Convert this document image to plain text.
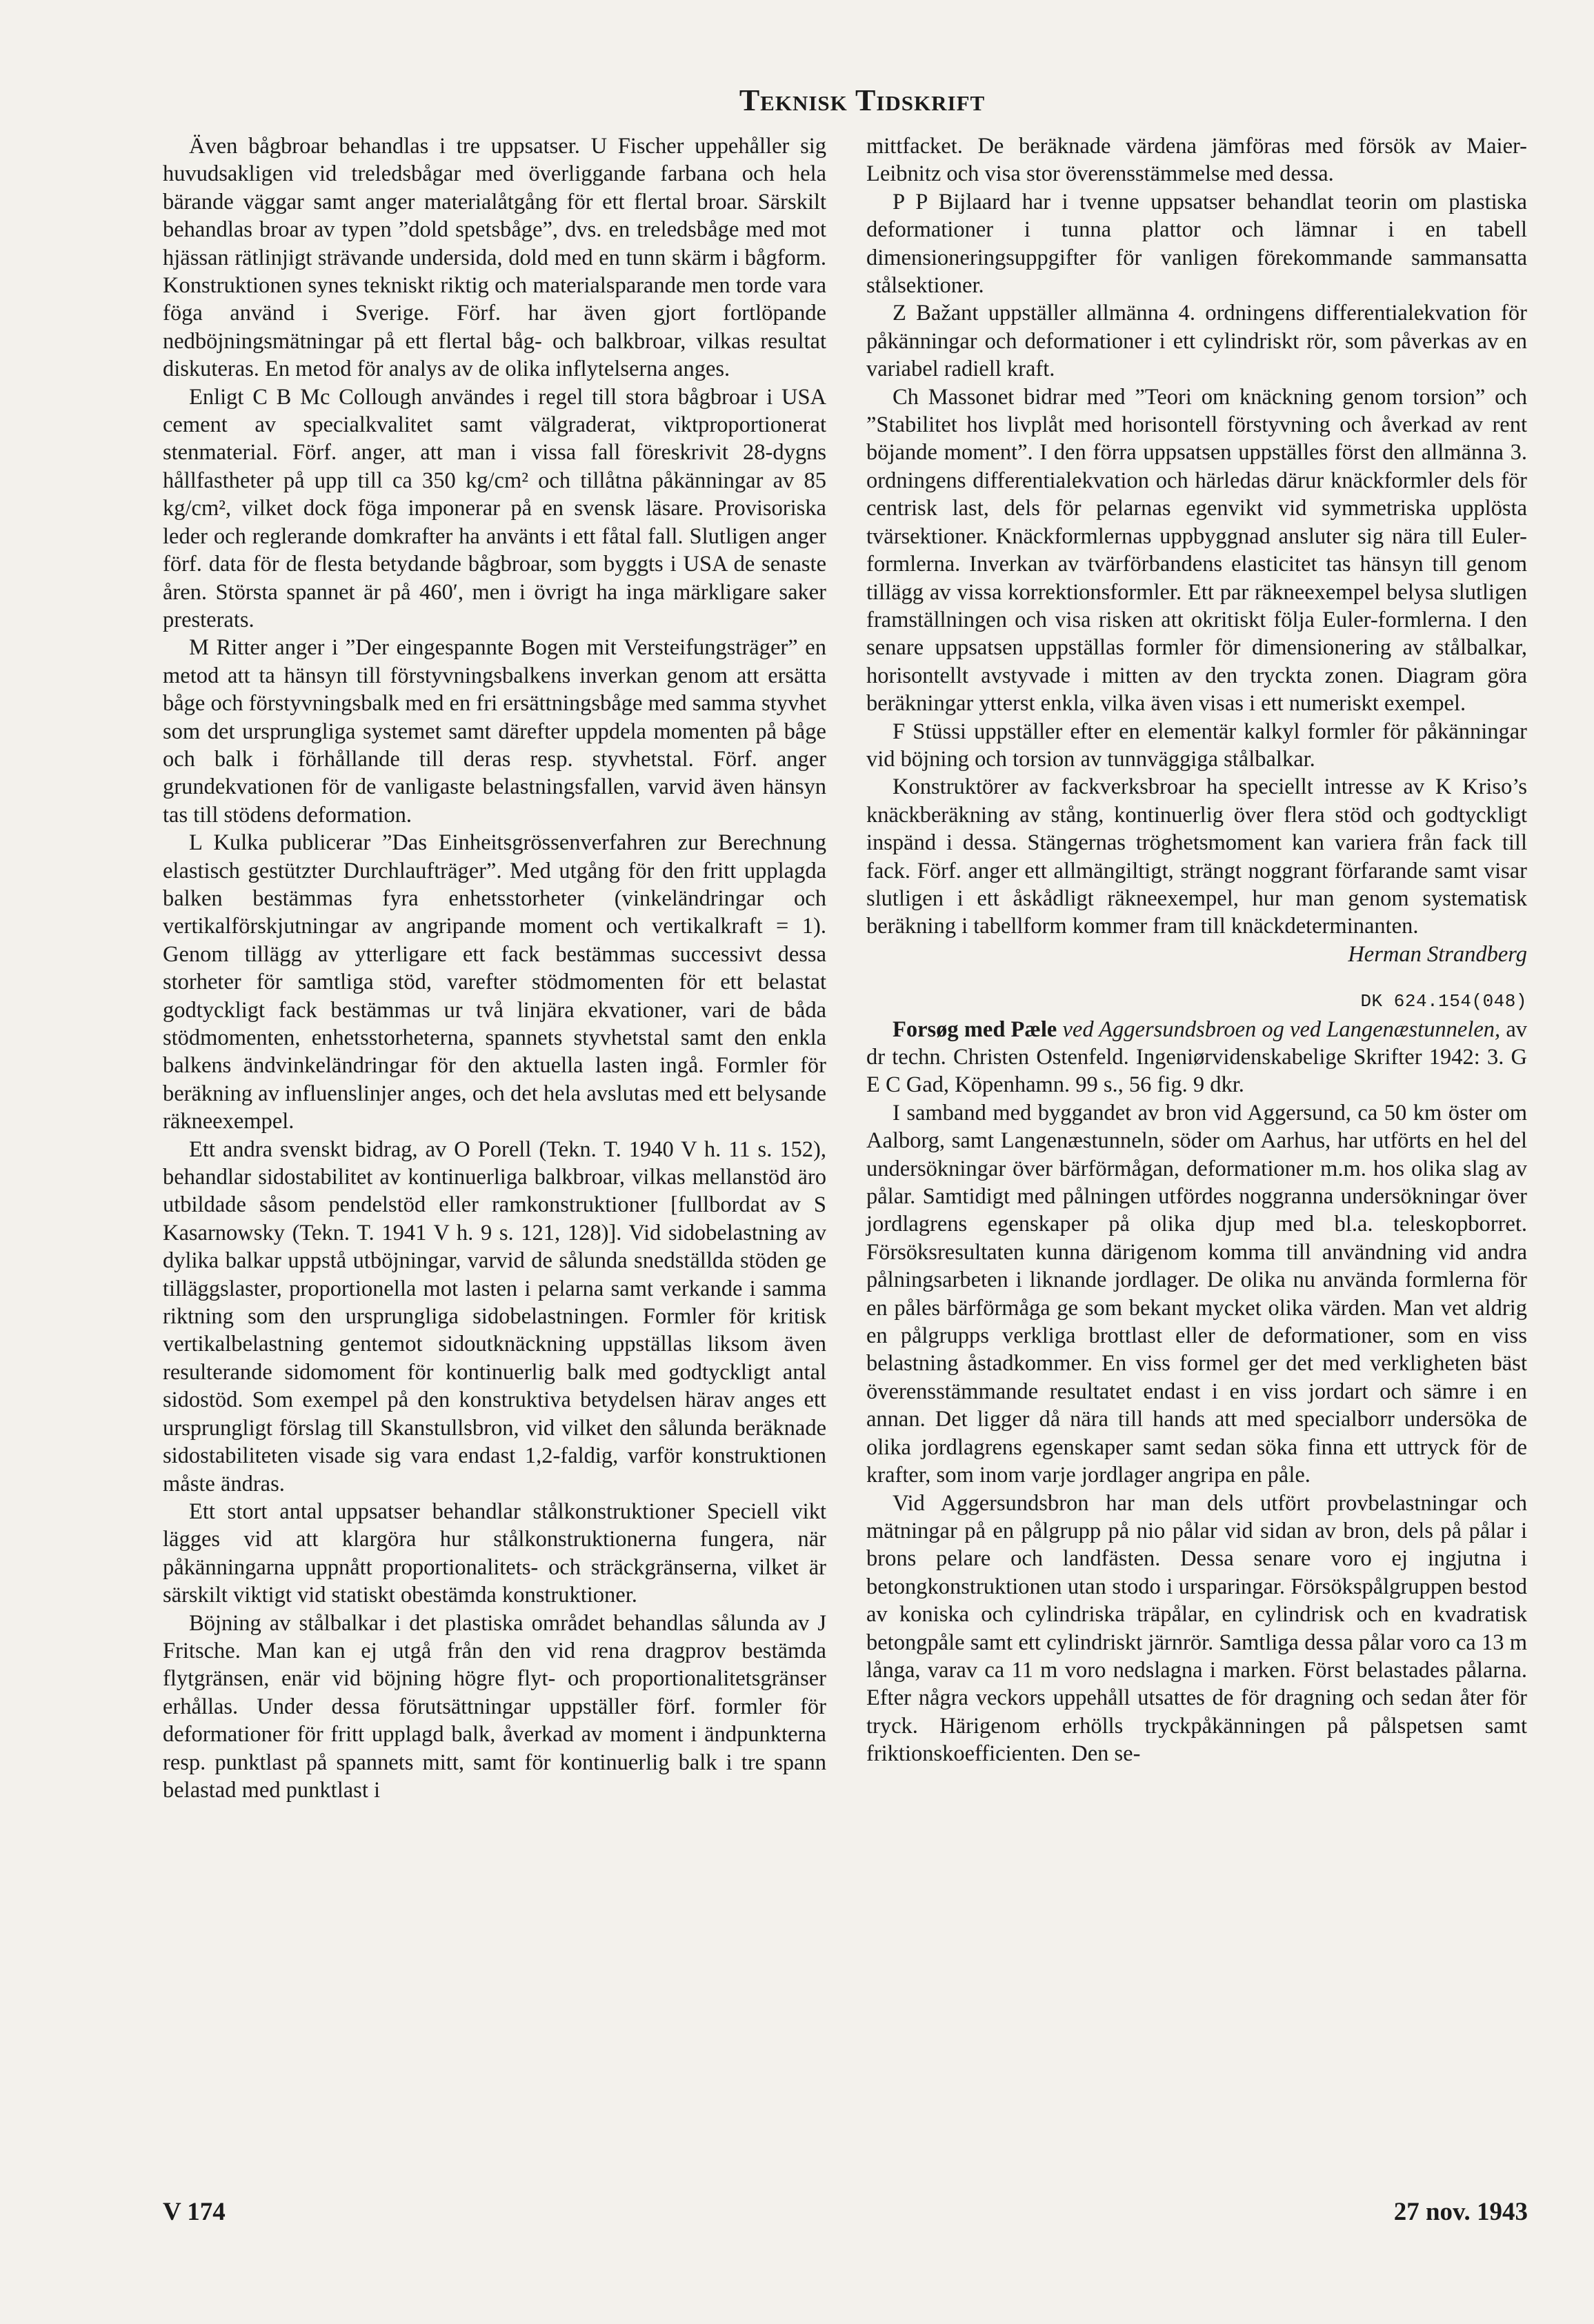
Teknisk Tidskrift

Även bågbroar behandlas i tre uppsatser. U Fischer uppehåller sig huvudsakligen vid treledsbågar med överliggande farbana och hela bärande väggar samt anger materialåtgång för ett flertal broar. Särskilt behandlas broar av typen ”dold spetsbåge”, dvs. en treledsbåge med mot hjässan rätlinjigt strävande undersida, dold med en tunn skärm i bågform. Konstruktionen synes tekniskt riktig och materialsparande men torde vara föga använd i Sverige. Förf. har även gjort fortlöpande nedböjningsmätningar på ett flertal båg- och balkbroar, vilkas resultat diskuteras. En metod för analys av de olika inflytelserna anges.

Enligt C B Mc Collough användes i regel till stora bågbroar i USA cement av specialkvalitet samt välgraderat, viktproportionerat stenmaterial. Förf. anger, att man i vissa fall föreskrivit 28-dygns hållfastheter på upp till ca 350 kg/cm² och tillåtna påkänningar av 85 kg/cm², vilket dock föga imponerar på en svensk läsare. Provisoriska leder och reglerande domkrafter ha använts i ett fåtal fall. Slutligen anger förf. data för de flesta betydande bågbroar, som byggts i USA de senaste åren. Största spannet är på 460′, men i övrigt ha inga märkligare saker presterats.

M Ritter anger i ”Der eingespannte Bogen mit Versteifungsträger” en metod att ta hänsyn till förstyvningsbalkens inverkan genom att ersätta båge och förstyvningsbalk med en fri ersättningsbåge med samma styvhet som det ursprungliga systemet samt därefter uppdela momenten på båge och balk i förhållande till deras resp. styvhetstal. Förf. anger grundekvationen för de vanligaste belastningsfallen, varvid även hänsyn tas till stödens deformation.

L Kulka publicerar ”Das Einheitsgrössenverfahren zur Berechnung elastisch gestützter Durchlaufträger”. Med utgång för den fritt upplagda balken bestämmas fyra enhetsstorheter (vinkeländringar och vertikalförskjutningar av angripande moment och vertikalkraft = 1). Genom tillägg av ytterligare ett fack bestämmas successivt dessa storheter för samtliga stöd, varefter stödmomenten för ett belastat godtyckligt fack bestämmas ur två linjära ekvationer, vari de båda stödmomenten, enhetsstorheterna, spannets styvhetstal samt den enkla balkens ändvinkeländringar för den aktuella lasten ingå. Formler för beräkning av influenslinjer anges, och det hela avslutas med ett belysande räkneexempel.

Ett andra svenskt bidrag, av O Porell (Tekn. T. 1940 V h. 11 s. 152), behandlar sidostabilitet av kontinuerliga balkbroar, vilkas mellanstöd äro utbildade såsom pendelstöd eller ramkonstruktioner [fullbordat av S Kasarnowsky (Tekn. T. 1941 V h. 9 s. 121, 128)]. Vid sidobelastning av dylika balkar uppstå utböjningar, varvid de sålunda snedställda stöden ge tilläggslaster, proportionella mot lasten i pelarna samt verkande i samma riktning som den ursprungliga sidobelastningen. Formler för kritisk vertikalbelastning gentemot sidoutknäckning uppställas liksom även resulterande sidomoment för kontinuerlig balk med godtyckligt antal sidostöd. Som exempel på den konstruktiva betydelsen härav anges ett ursprungligt förslag till Skanstullsbron, vid vilket den sålunda beräknade sidostabiliteten visade sig vara endast 1,2-faldig, varför konstruktionen måste ändras.

Ett stort antal uppsatser behandlar stålkonstruktioner Speciell vikt lägges vid att klargöra hur stålkonstruktionerna fungera, när påkänningarna uppnått proportionalitets- och sträckgränserna, vilket är särskilt viktigt vid statiskt obestämda konstruktioner.

Böjning av stålbalkar i det plastiska området behandlas sålunda av J Fritsche. Man kan ej utgå från den vid rena dragprov bestämda flytgränsen, enär vid böjning högre flyt- och proportionalitetsgränser erhållas. Under dessa förutsättningar uppställer förf. formler för deformationer för fritt upplagd balk, åverkad av moment i ändpunkterna resp. punktlast på spannets mitt, samt för kontinuerlig balk i tre spann belastad med punktlast i

mittfacket. De beräknade värdena jämföras med försök av Maier-Leibnitz och visa stor överensstämmelse med dessa.

P P Bijlaard har i tvenne uppsatser behandlat teorin om plastiska deformationer i tunna plattor och lämnar i en tabell dimensioneringsuppgifter för vanligen förekommande sammansatta stålsektioner.

Z Bažant uppställer allmänna 4. ordningens differentialekvation för påkänningar och deformationer i ett cylindriskt rör, som påverkas av en variabel radiell kraft.

Ch Massonet bidrar med ”Teori om knäckning genom torsion” och ”Stabilitet hos livplåt med horisontell förstyvning och åverkad av rent böjande moment”. I den förra uppsatsen uppställes först den allmänna 3. ordningens differentialekvation och härledas därur knäckformler dels för centrisk last, dels för pelarnas egenvikt vid symmetriska upplösta tvärsektioner. Knäckformlernas uppbyggnad ansluter sig nära till Euler-formlerna. Inverkan av tvärförbandens elasticitet tas hänsyn till genom tillägg av vissa korrektionsformler. Ett par räkneexempel belysa slutligen framställningen och visa risken att okritiskt följa Euler-formlerna. I den senare uppsatsen uppställas formler för dimensionering av stålbalkar, horisontellt avstyvade i mitten av den tryckta zonen. Diagram göra beräkningar ytterst enkla, vilka även visas i ett numeriskt exempel.

F Stüssi uppställer efter en elementär kalkyl formler för påkänningar vid böjning och torsion av tunnväggiga stålbalkar.

Konstruktörer av fackverksbroar ha speciellt intresse av K Kriso’s knäckberäkning av stång, kontinuerlig över flera stöd och godtyckligt inspänd i dessa. Stängernas tröghetsmoment kan variera från fack till fack. Förf. anger ett allmängiltigt, strängt noggrant förfarande samt visar slutligen i ett åskådligt räkneexempel, hur man genom systematisk beräkning i tabellform kommer fram till knäckdeterminanten.

Herman Strandberg

DK 624.154(048)

Forsøg med Pæle ved Aggersundsbroen og ved Langenæstunnelen, av dr techn. Christen Ostenfeld. Ingeniørvidenskabelige Skrifter 1942: 3. G E C Gad, Köpenhamn. 99 s., 56 fig. 9 dkr.

I samband med byggandet av bron vid Aggersund, ca 50 km öster om Aalborg, samt Langenæstunneln, söder om Aarhus, har utförts en hel del undersökningar över bärförmågan, deformationer m.m. hos olika slag av pålar. Samtidigt med pålningen utfördes noggranna undersökningar över jordlagrens egenskaper på olika djup med bl.a. teleskopborret. Försöksresultaten kunna därigenom komma till användning vid andra pålningsarbeten i liknande jordlager. De olika nu använda formlerna för en påles bärförmåga ge som bekant mycket olika värden. Man vet aldrig en pålgrupps verkliga brottlast eller de deformationer, som en viss belastning åstadkommer. En viss formel ger det med verkligheten bäst överensstämmande resultatet endast i en viss jordart och sämre i en annan. Det ligger då nära till hands att med specialborr undersöka de olika jordlagrens egenskaper samt sedan söka finna ett uttryck för de krafter, som inom varje jordlager angripa en påle.

Vid Aggersundsbron har man dels utfört provbelastningar och mätningar på en pålgrupp på nio pålar vid sidan av bron, dels på pålar i brons pelare och landfästen. Dessa senare voro ej ingjutna i betongkonstruktionen utan stodo i ursparingar. Försökspålgruppen bestod av koniska och cylindriska träpålar, en cylindrisk och en kvadratisk betongpåle samt ett cylindriskt järnrör. Samtliga dessa pålar voro ca 13 m långa, varav ca 11 m voro nedslagna i marken. Först belastades pålarna. Efter några veckors uppehåll utsattes de för dragning och sedan åter för tryck. Härigenom erhölls tryckpåkänningen på pålspetsen samt friktionskoefficienten. Den se-

V 174	27 nov. 1943
